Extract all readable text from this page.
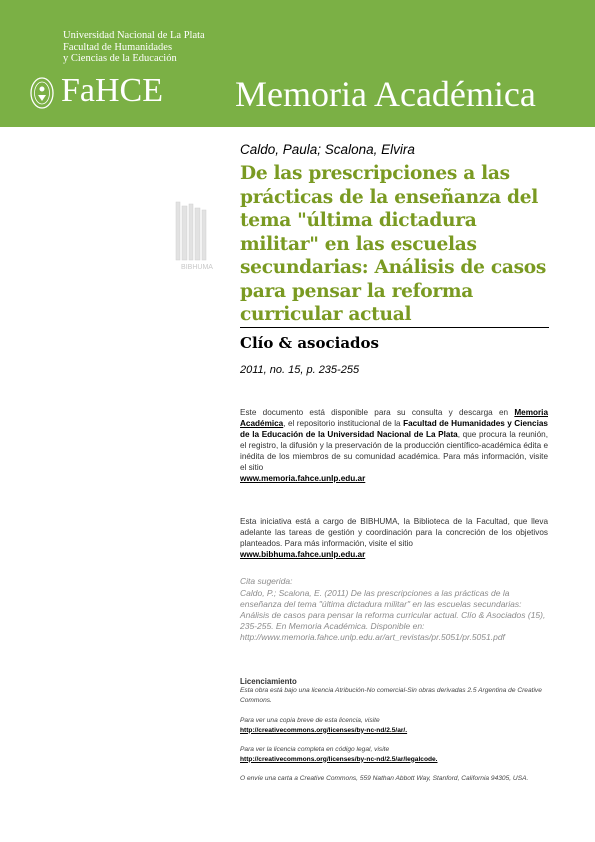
Universidad Nacional de La Plata
Facultad de Humanidades
y Ciencias de la Educación
FaHCE Memoria Académica
Caldo, Paula; Scalona, Elvira
De las prescripciones a las prácticas de la enseñanza del tema "última dictadura militar" en las escuelas secundarias: Análisis de casos para pensar la reforma curricular actual
Clío & asociados
2011, no. 15, p. 235-255
BIBHUMA
Este documento está disponible para su consulta y descarga en Memoria Académica, el repositorio institucional de la Facultad de Humanidades y Ciencias de la Educación de la Universidad Nacional de La Plata, que procura la reunión, el registro, la difusión y la preservación de la producción científico-académica édita e inédita de los miembros de su comunidad académica. Para más información, visite el sitio
www.memoria.fahce.unlp.edu.ar
Esta iniciativa está a cargo de BIBHUMA, la Biblioteca de la Facultad, que lleva adelante las tareas de gestión y coordinación para la concreción de los objetivos planteados. Para más información, visite el sitio
www.bibhuma.fahce.unlp.edu.ar
Cita sugerida:
Caldo, P.; Scalona, E. (2011) De las prescripciones a las prácticas de la enseñanza del tema "última dictadura militar" en las escuelas secundarias: Análisis de casos para pensar la reforma curricular actual. Clío & Asociados (15), 235-255. En Memoria Académica. Disponible en:
http://www.memoria.fahce.unlp.edu.ar/art_revistas/pr.5051/pr.5051.pdf
Licenciamiento
Esta obra está bajo una licencia Atribución-No comercial-Sin obras derivadas 2.5 Argentina de Creative Commons.
Para ver una copia breve de esta licencia, visite
http://creativecommons.org/licenses/by-nc-nd/2.5/ar/.
Para ver la licencia completa en código legal, visite
http://creativecommons.org/licenses/by-nc-nd/2.5/ar/legalcode.
O envíe una carta a Creative Commons, 559 Nathan Abbott Way, Stanford, California 94305, USA.
